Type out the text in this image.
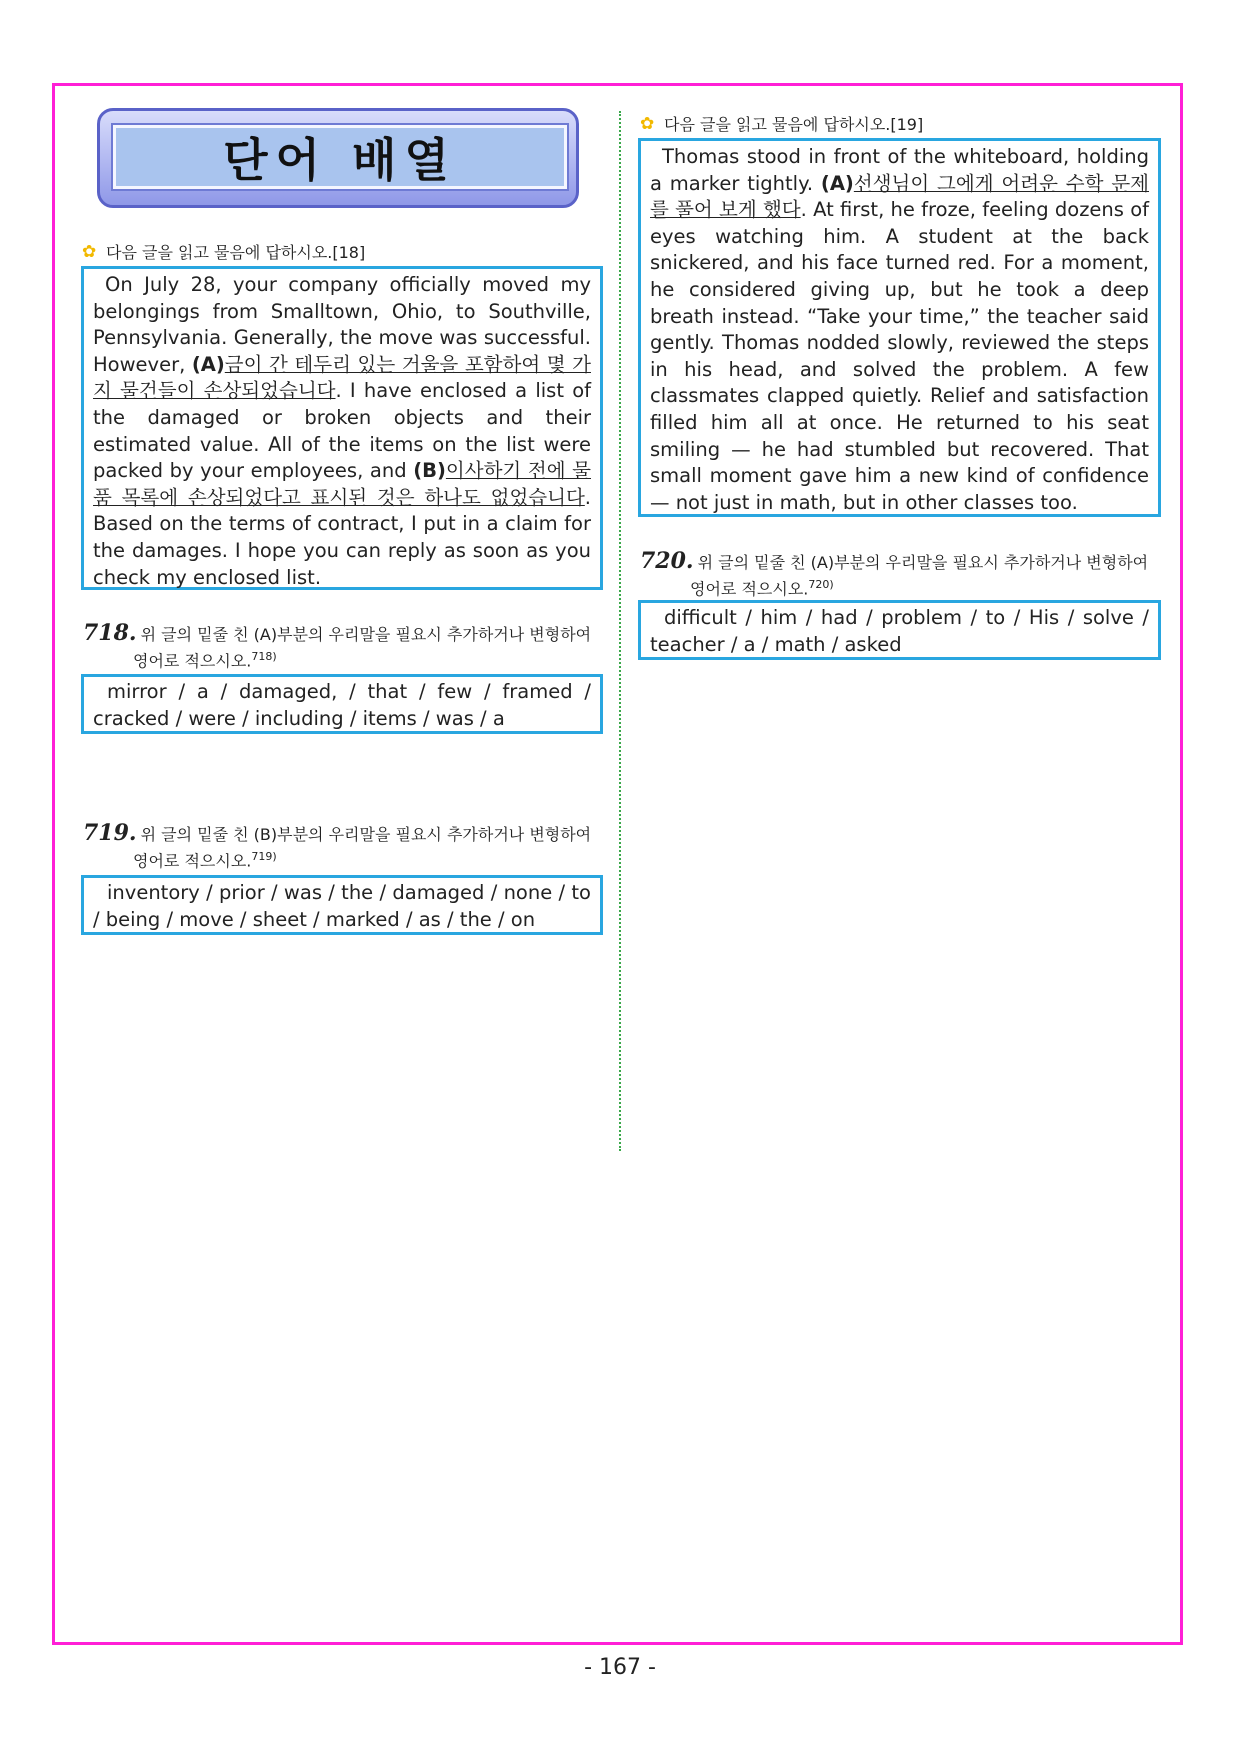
단어 배열
✿ 다음 글을 읽고 물음에 답하시오.[18]

On July 28, your company officially moved my belongings from Smalltown, Ohio, to Southville, Pennsylvania. Generally, the move was successful. However, (A)금이 간 테두리 있는 거울을 포함하여 몇 가지 물건들이 손상되었습니다. I have enclosed a list of the damaged or broken objects and their estimated value. All of the items on the list were packed by your employees, and (B)이사하기 전에 물품 목록에 손상되었다고 표시된 것은 하나도 없었습니다. Based on the terms of contract, I put in a claim for the damages. I hope you can reply as soon as you check my enclosed list.

718. 위 글의 밑줄 친 (A)부분의 우리말을 필요시 추가하거나 변형하여
영어로 적으시오.$^{718)}$

mirror / a / damaged, / that / few / framed / cracked / were / including / items / was / a

719. 위 글의 밑줄 친 (B)부분의 우리말을 필요시 추가하거나 변형하여
영어로 적으시오.$^{719)}$

inventory / prior / was / the / damaged / none / to / being / move / sheet / marked / as / the / on

✿ 다음 글을 읽고 물음에 답하시오.[19]

Thomas stood in front of the whiteboard, holding a marker tightly. (A)선생님이 그에게 어려운 수학 문제를 풀어 보게 했다. At first, he froze, feeling dozens of eyes watching him. A student at the back snickered, and his face turned red. For a moment, he considered giving up, but he took a deep breath instead. “Take your time,” the teacher said gently. Thomas nodded slowly, reviewed the steps in his head, and solved the problem. A few classmates clapped quietly. Relief and satisfaction filled him all at once. He returned to his seat smiling — he had stumbled but recovered. That small moment gave him a new kind of confidence — not just in math, but in other classes too.

720. 위 글의 밑줄 친 (A)부분의 우리말을 필요시 추가하거나 변형하여
영어로 적으시오.$^{720)}$

difficult / him / had / problem / to / His / solve / teacher / a / math / asked

- 167 -
